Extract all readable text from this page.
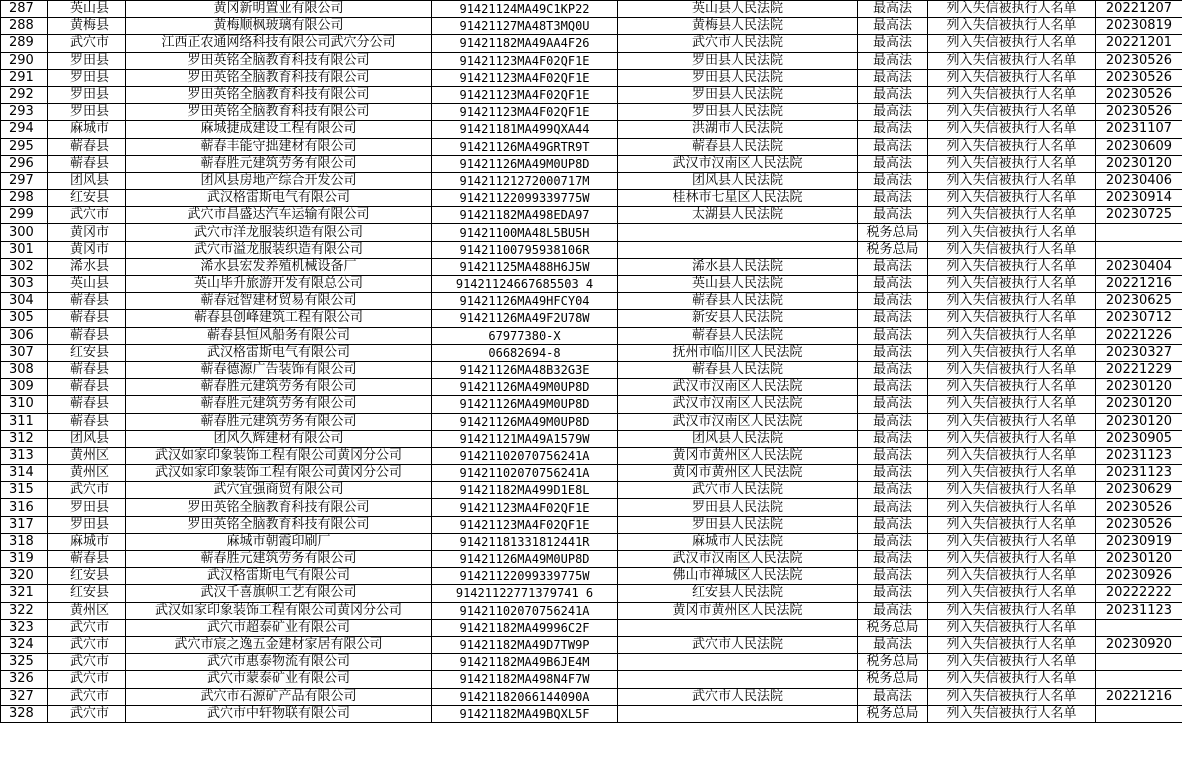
287	英山县	黄冈新明置业有限公司	91421124MA49C1KP22	英山县人民法院	最高法	列入失信被执行人名单	20221207
288	黄梅县	黄梅顺枫玻璃有限公司	91421127MA48T3MQ0U	黄梅县人民法院	最高法	列入失信被执行人名单	20230819
289	武穴市	江西正农通网络科技有限公司武穴分公司	91421182MA49AA4F26	武穴市人民法院	最高法	列入失信被执行人名单	20221201
290	罗田县	罗田英铭全脑教育科技有限公司	91421123MA4F02QF1E	罗田县人民法院	最高法	列入失信被执行人名单	20230526
291	罗田县	罗田英铭全脑教育科技有限公司	91421123MA4F02QF1E	罗田县人民法院	最高法	列入失信被执行人名单	20230526
292	罗田县	罗田英铭全脑教育科技有限公司	91421123MA4F02QF1E	罗田县人民法院	最高法	列入失信被执行人名单	20230526
293	罗田县	罗田英铭全脑教育科技有限公司	91421123MA4F02QF1E	罗田县人民法院	最高法	列入失信被执行人名单	20230526
294	麻城市	麻城捷成建设工程有限公司	91421181MA499QXA44	洪湖市人民法院	最高法	列入失信被执行人名单	20231107
295	蕲春县	蕲春丰能守拙建材有限公司	91421126MA49GRTR9T	蕲春县人民法院	最高法	列入失信被执行人名单	20230609
296	蕲春县	蕲春胜元建筑劳务有限公司	91421126MA49M0UP8D	武汉市汉南区人民法院	最高法	列入失信被执行人名单	20230120
297	团风县	团风县房地产综合开发公司	91421121272000717M	团风县人民法院	最高法	列入失信被执行人名单	20230406
298	红安县	武汉格雷斯电气有限公司	91421122099339775W	桂林市七星区人民法院	最高法	列入失信被执行人名单	20230914
299	武穴市	武穴市昌盛达汽车运输有限公司	91421182MA498EDA97	太湖县人民法院	最高法	列入失信被执行人名单	20230725
300	黄冈市	武穴市洋龙服装织造有限公司	91421100MA48L5BU5H		税务总局	列入失信被执行人名单	
301	黄冈市	武穴市溢龙服装织造有限公司	91421100795938106R		税务总局	列入失信被执行人名单	
302	浠水县	浠水县宏发养殖机械设备厂	91421125MA488H6J5W	浠水县人民法院	最高法	列入失信被执行人名单	20230404
303	英山县	英山毕升旅游开发有限总公司	91421124667685503 4	英山县人民法院	最高法	列入失信被执行人名单	20221216
304	蕲春县	蕲春冠智建材贸易有限公司	91421126MA49HFCY04	蕲春县人民法院	最高法	列入失信被执行人名单	20230625
305	蕲春县	蕲春县创峰建筑工程有限公司	91421126MA49F2U78W	新安县人民法院	最高法	列入失信被执行人名单	20230712
306	蕲春县	蕲春县恒风船务有限公司	67977380-X	蕲春县人民法院	最高法	列入失信被执行人名单	20221226
307	红安县	武汉格雷斯电气有限公司	06682694-8	抚州市临川区人民法院	最高法	列入失信被执行人名单	20230327
308	蕲春县	蕲春德源广告装饰有限公司	91421126MA48B32G3E	蕲春县人民法院	最高法	列入失信被执行人名单	20221229
309	蕲春县	蕲春胜元建筑劳务有限公司	91421126MA49M0UP8D	武汉市汉南区人民法院	最高法	列入失信被执行人名单	20230120
310	蕲春县	蕲春胜元建筑劳务有限公司	91421126MA49M0UP8D	武汉市汉南区人民法院	最高法	列入失信被执行人名单	20230120
311	蕲春县	蕲春胜元建筑劳务有限公司	91421126MA49M0UP8D	武汉市汉南区人民法院	最高法	列入失信被执行人名单	20230120
312	团风县	团风久辉建材有限公司	91421121MA49A1579W	团风县人民法院	最高法	列入失信被执行人名单	20230905
313	黄州区	武汉如家印象装饰工程有限公司黄冈分公司	91421102070756241A	黄冈市黄州区人民法院	最高法	列入失信被执行人名单	20231123
314	黄州区	武汉如家印象装饰工程有限公司黄冈分公司	91421102070756241A	黄冈市黄州区人民法院	最高法	列入失信被执行人名单	20231123
315	武穴市	武穴宜强商贸有限公司	91421182MA499D1E8L	武穴市人民法院	最高法	列入失信被执行人名单	20230629
316	罗田县	罗田英铭全脑教育科技有限公司	91421123MA4F02QF1E	罗田县人民法院	最高法	列入失信被执行人名单	20230526
317	罗田县	罗田英铭全脑教育科技有限公司	91421123MA4F02QF1E	罗田县人民法院	最高法	列入失信被执行人名单	20230526
318	麻城市	麻城市朝霞印刷厂	91421181331812441R	麻城市人民法院	最高法	列入失信被执行人名单	20230919
319	蕲春县	蕲春胜元建筑劳务有限公司	91421126MA49M0UP8D	武汉市汉南区人民法院	最高法	列入失信被执行人名单	20230120
320	红安县	武汉格雷斯电气有限公司	91421122099339775W	佛山市禅城区人民法院	最高法	列入失信被执行人名单	20230926
321	红安县	武汉千喜旗帜工艺有限公司	91421122771379741 6	红安县人民法院	最高法	列入失信被执行人名单	20222222
322	黄州区	武汉如家印象装饰工程有限公司黄冈分公司	91421102070756241A	黄冈市黄州区人民法院	最高法	列入失信被执行人名单	20231123
323	武穴市	武穴市超泰矿业有限公司	91421182MA49996C2F		税务总局	列入失信被执行人名单	
324	武穴市	武穴市宸之逸五金建材家居有限公司	91421182MA49D7TW9P	武穴市人民法院	最高法	列入失信被执行人名单	20230920
325	武穴市	武穴市惠泰物流有限公司	91421182MA49B6JE4M		税务总局	列入失信被执行人名单	
326	武穴市	武穴市蒙泰矿业有限公司	91421182MA498N4F7W		税务总局	列入失信被执行人名单	
327	武穴市	武穴市石源矿产品有限公司	91421182066144090A	武穴市人民法院	最高法	列入失信被执行人名单	20221216
328	武穴市	武穴市中轩物联有限公司	91421182MA49BQXL5F		税务总局	列入失信被执行人名单	
